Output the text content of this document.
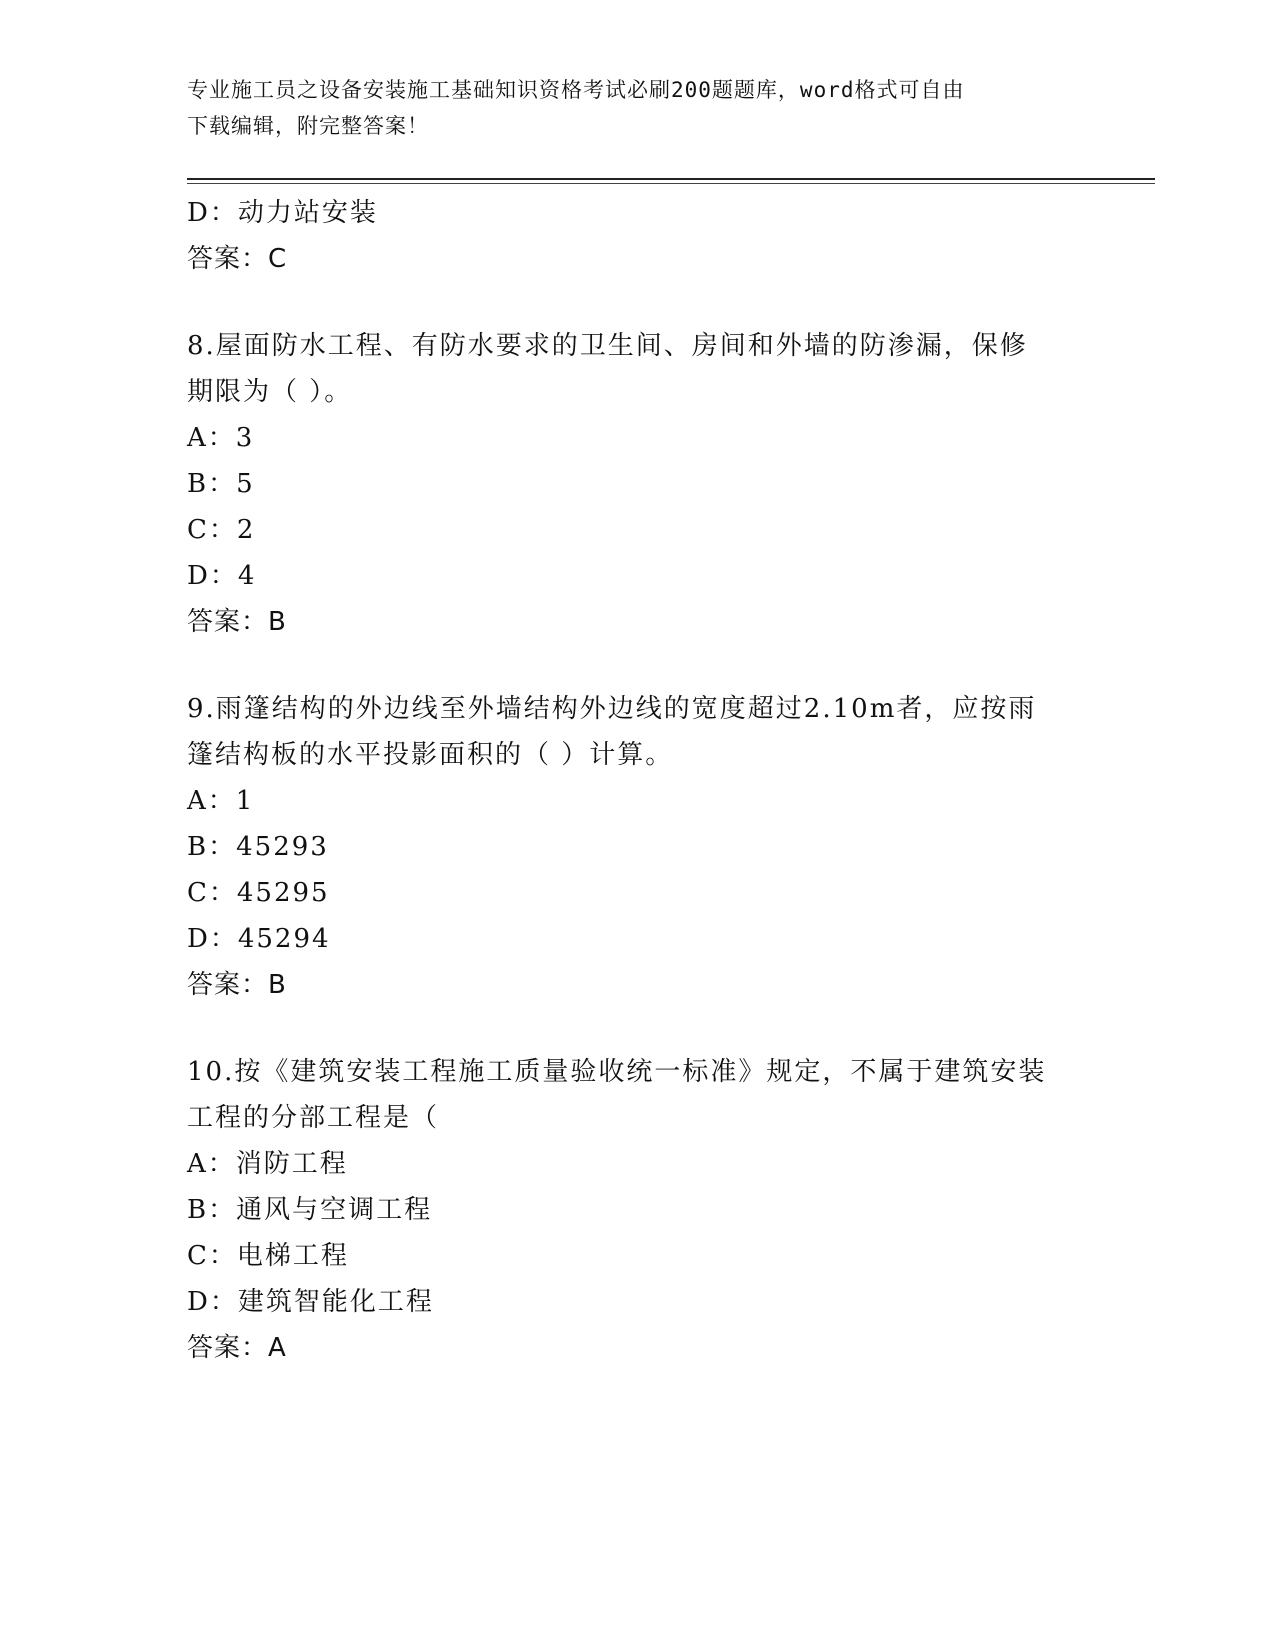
专业施工员之设备安装施工基础知识资格考试必刷200题题库，word格式可自由
下载编辑，附完整答案！
D：动力站安装
答案：C
8.屋面防水工程、有防水要求的卫生间、房间和外墙的防渗漏，保修
期限为（ ）。
A：3
B：5
C：2
D：4
答案：B
9.雨篷结构的外边线至外墙结构外边线的宽度超过2.10m者，应按雨
篷结构板的水平投影面积的（ ）计算。
A：1
B：45293
C：45295
D：45294
答案：B
10.按《建筑安装工程施工质量验收统一标准》规定，不属于建筑安装
工程的分部工程是（
A：消防工程
B：通风与空调工程
C：电梯工程
D：建筑智能化工程
答案：A
